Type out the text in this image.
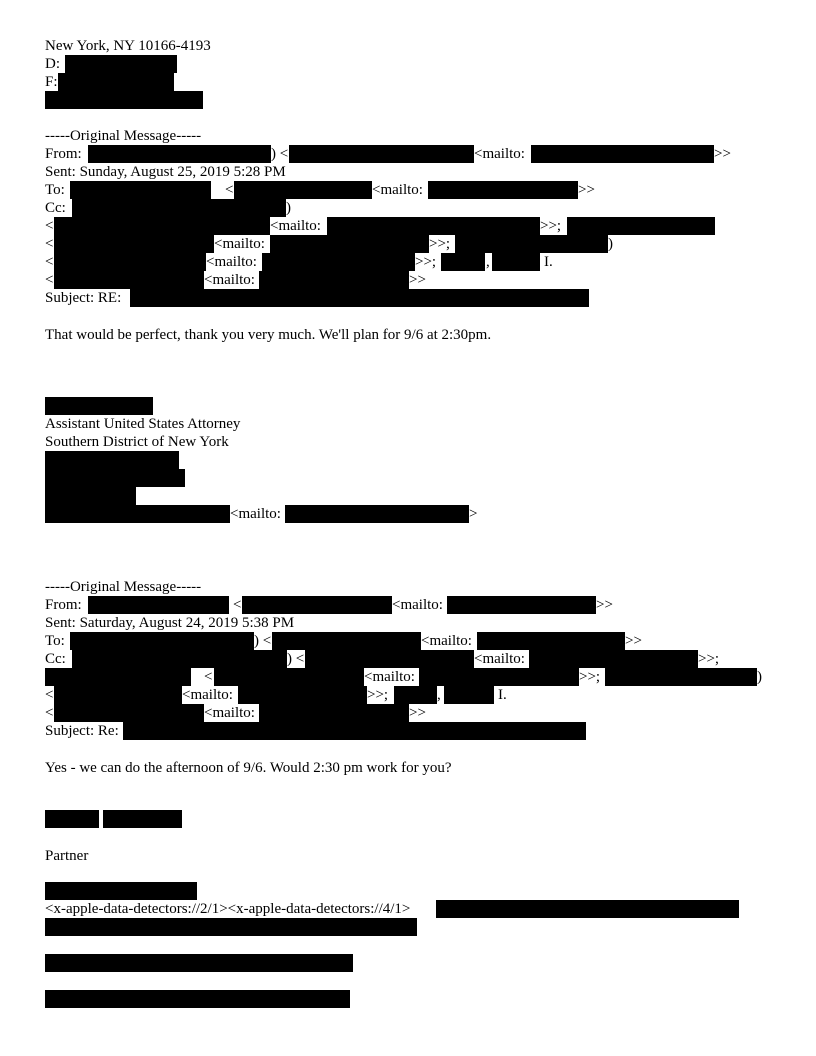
New York, NY 10166-4193
D:
F:
-----Original Message-----
From:	) <	<mailto:	>>
Sent: Sunday, August 25, 2019 5:28 PM
To:	<	<mailto:	>>
Cc:	)
<	<mailto:	>>;
<	<mailto:	>>;	)
<	<mailto:	>>;	,	I.
<	<mailto:	>>
Subject: RE:
That would be perfect, thank you very much. We'll plan for 9/6 at 2:30pm.
Assistant United States Attorney
Southern District of New York
<mailto:	>
-----Original Message-----
From:	<	<mailto:	>>
Sent: Saturday, August 24, 2019 5:38 PM
To:	) <	<mailto:	>>
Cc:	) <	<mailto:	>>;
<	<mailto:	>>;	)
<	<mailto:	>>;	,	I.
<	<mailto:	>>
Subject: Re:
Yes - we can do the afternoon of 9/6. Would 2:30 pm work for you?
Partner
<x-apple-data-detectors://2/1><x-apple-data-detectors://4/1>
